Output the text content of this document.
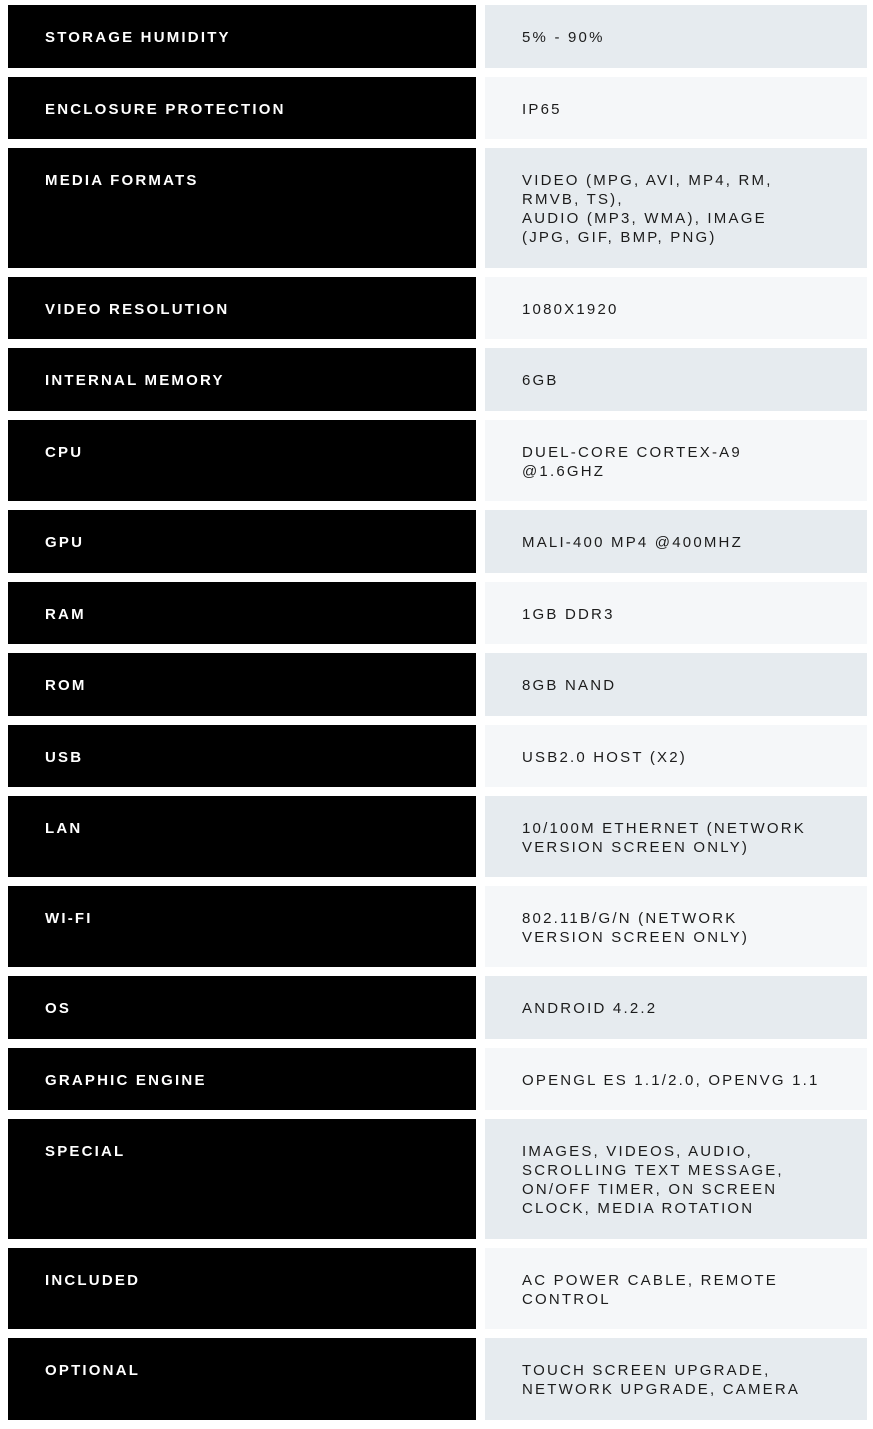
STORAGE HUMIDITY	5% - 90%
ENCLOSURE PROTECTION	IP65
MEDIA FORMATS	VIDEO (MPG, AVI, MP4, RM,
RMVB, TS),
AUDIO (MP3, WMA), IMAGE
(JPG, GIF, BMP, PNG)
VIDEO RESOLUTION	1080X1920
INTERNAL MEMORY	6GB
CPU	DUEL-CORE CORTEX-A9
@1.6GHZ
GPU	MALI-400 MP4 @400MHZ
RAM	1GB DDR3
ROM	8GB NAND
USB	USB2.0 HOST (X2)
LAN	10/100M ETHERNET (NETWORK
VERSION SCREEN ONLY)
WI-FI	802.11B/G/N (NETWORK
VERSION SCREEN ONLY)
OS	ANDROID 4.2.2
GRAPHIC ENGINE	OPENGL ES 1.1/2.0, OPENVG 1.1
SPECIAL	IMAGES, VIDEOS, AUDIO,
SCROLLING TEXT MESSAGE,
ON/OFF TIMER, ON SCREEN
CLOCK, MEDIA ROTATION
INCLUDED	AC POWER CABLE, REMOTE
CONTROL
OPTIONAL	TOUCH SCREEN UPGRADE,
NETWORK UPGRADE, CAMERA
